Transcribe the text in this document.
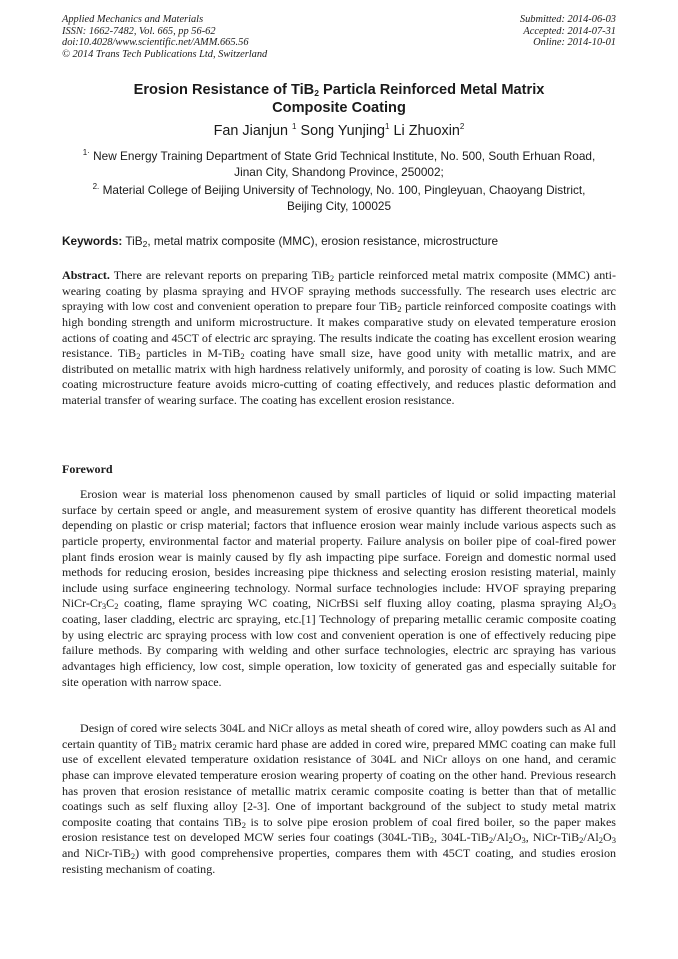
Applied Mechanics and Materials
ISSN: 1662-7482, Vol. 665, pp 56-62
doi:10.4028/www.scientific.net/AMM.665.56
© 2014 Trans Tech Publications Ltd, Switzerland
Submitted: 2014-06-03
Accepted: 2014-07-31
Online: 2014-10-01
Erosion Resistance of TiB$_2$ Particla Reinforced Metal Matrix
Composite Coating
Fan Jianjun $^1$ Song Yunjing$^1$ Li Zhuoxin$^2$
$^{1\cdot}$ New Energy Training Department of State Grid Technical Institute, No. 500, South Erhuan Road,
Jinan City, Shandong Province, 250002;
$^{2.}$ Material College of Beijing University of Technology, No. 100, Pingleyuan, Chaoyang District,
Beijing City, 100025
Keywords: TiB$_2$, metal matrix composite (MMC), erosion resistance, microstructure
Abstract. There are relevant reports on preparing TiB$_2$ particle reinforced metal matrix composite (MMC) anti-wearing coating by plasma spraying and HVOF spraying methods successfully. The research uses electric arc spraying with low cost and convenient operation to prepare four TiB$_2$ particle reinforced composite coatings with high bonding strength and uniform microstructure. It makes comparative study on elevated temperature erosion actions of coating and 45CT of electric arc spraying. The results indicate the coating has excellent erosion wearing resistance. TiB$_2$ particles in M-TiB$_2$ coating have small size, have good unity with metallic matrix, and are distributed on metallic matrix with high hardness relatively uniformly, and porosity of coating is low. Such MMC coating microstructure feature avoids micro-cutting of coating effectively, and reduces plastic deformation and material transfer of wearing surface. The coating has excellent erosion resistance.
Foreword
Erosion wear is material loss phenomenon caused by small particles of liquid or solid impacting material surface by certain speed or angle, and measurement system of erosive quantity has different theoretical models depending on plastic or crisp material; factors that influence erosion wear mainly include various aspects such as particle property, environmental factor and material property. Failure analysis on boiler pipe of coal-fired power plant finds erosion wear is mainly caused by fly ash impacting pipe surface. Foreign and domestic normal used methods for reducing erosion, besides increasing pipe thickness and selecting erosion resisting material, mainly include using surface engineering technology. Normal surface technologies include: HVOF spraying preparing NiCr-$Cr_3C_2$ coating, flame spraying WC coating, NiCrBSi self fluxing alloy coating, plasma spraying $Al_2O_3$ coating, laser cladding, electric arc spraying, etc.[1] Technology of preparing metallic ceramic composite coating by using electric arc spraying process with low cost and convenient operation is one of effectively reducing pipe failure methods. By comparing with welding and other surface technologies, electric arc spraying has various advantages high efficiency, low cost, simple operation, low toxicity of generated gas and especially suitable for site operation with narrow space.
Design of cored wire selects 304L and NiCr alloys as metal sheath of cored wire, alloy powders such as Al and certain quantity of TiB$_2$ matrix ceramic hard phase are added in cored wire, prepared MMC coating can make full use of excellent elevated temperature oxidation resistance of 304L and NiCr alloys on one hand, and ceramic phase can improve elevated temperature erosion wearing property of coating on the other hand. Previous research has proven that erosion resistance of metallic matrix ceramic composite coating is better than that of metallic coatings such as self fluxing alloy [2-3]. One of important background of the subject to study metal matrix composite coating that contains TiB$_2$ is to solve pipe erosion problem of coal fired boiler, so the paper makes erosion resistance test on developed MCW series four coatings (304L-TiB$_2$, $304L-TiB_2/Al_2O_3$, NiCr-$TiB_2/Al_2O_3$ and NiCr-TiB$_2$) with good comprehensive properties, compares them with 45CT coating, and studies erosion resisting mechanism of coating.
